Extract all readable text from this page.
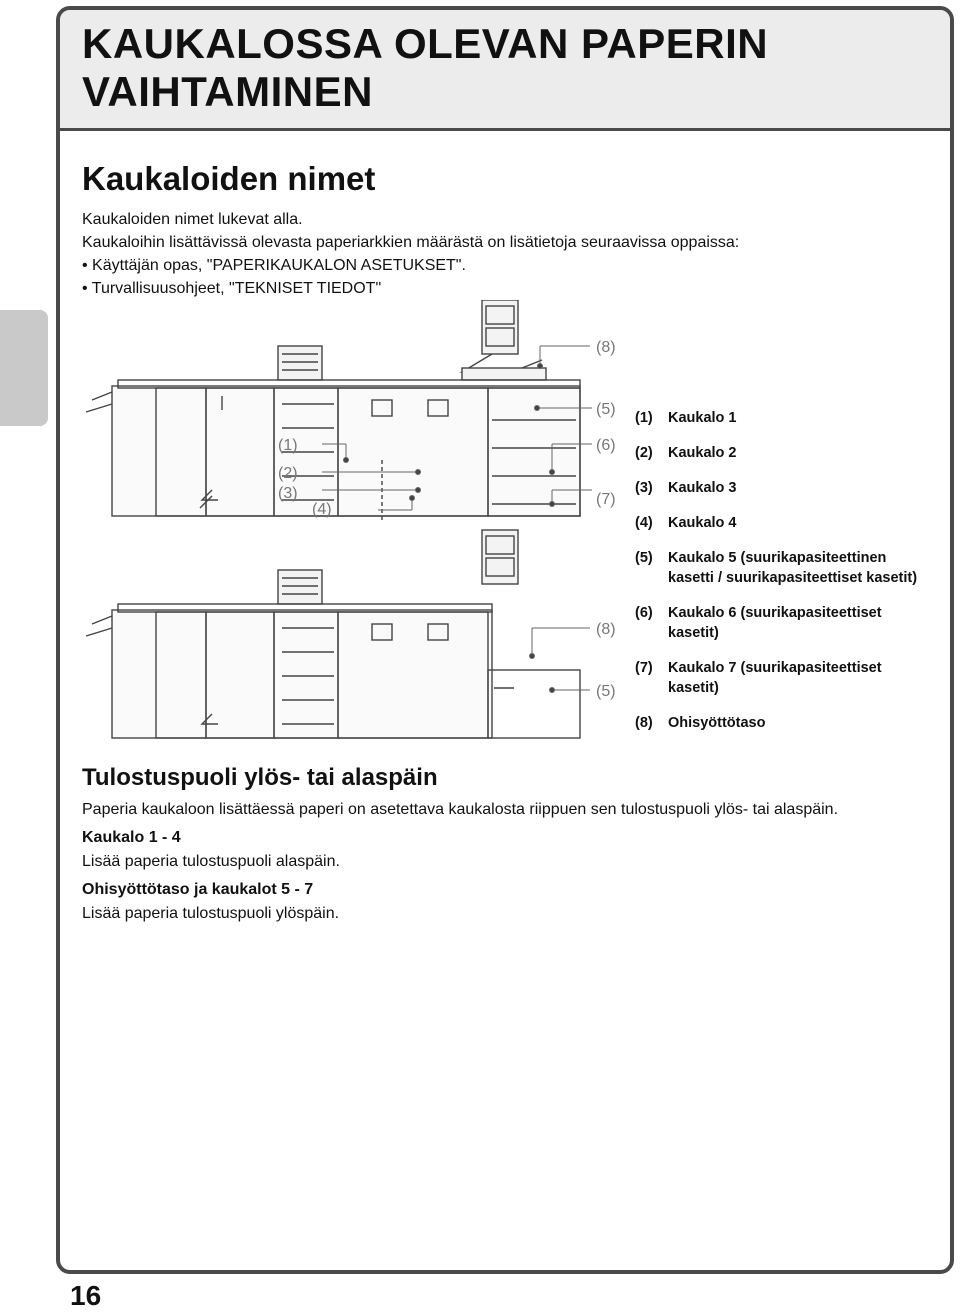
KAUKALOSSA OLEVAN PAPERIN VAIHTAMINEN
Kaukaloiden nimet

Kaukaloiden nimet lukevat alla.

Kaukaloihin lisättävissä olevasta paperiarkkien määrästä on lisätietoja seuraavissa oppaissa:

• Käyttäjän opas, "PAPERIKAUKALON ASETUKSET".

• Turvallisuusohjeet, "TEKNISET TIEDOT"

(8)
(5)
(1)	(6)
(2)
(3)	(7)
(4)
(8)
(5)
(1)	Kaukalo 1
(2)	Kaukalo 2
(3)	Kaukalo 3
(4)	Kaukalo 4
(5)	Kaukalo 5 (suurikapasiteettinen kasetti / suurikapasiteettiset kasetit)
(6)	Kaukalo 6 (suurikapasiteettiset kasetit)
(7)	Kaukalo 7 (suurikapasiteettiset kasetit)
(8)	Ohisyöttötaso
Tulostuspuoli ylös- tai alaspäin

Paperia kaukaloon lisättäessä paperi on asetettava kaukalosta riippuen sen tulostuspuoli ylös- tai alaspäin.

Kaukalo 1 - 4

Lisää paperia tulostuspuoli alaspäin.

Ohisyöttötaso ja kaukalot 5 - 7

Lisää paperia tulostuspuoli ylöspäin.

16
